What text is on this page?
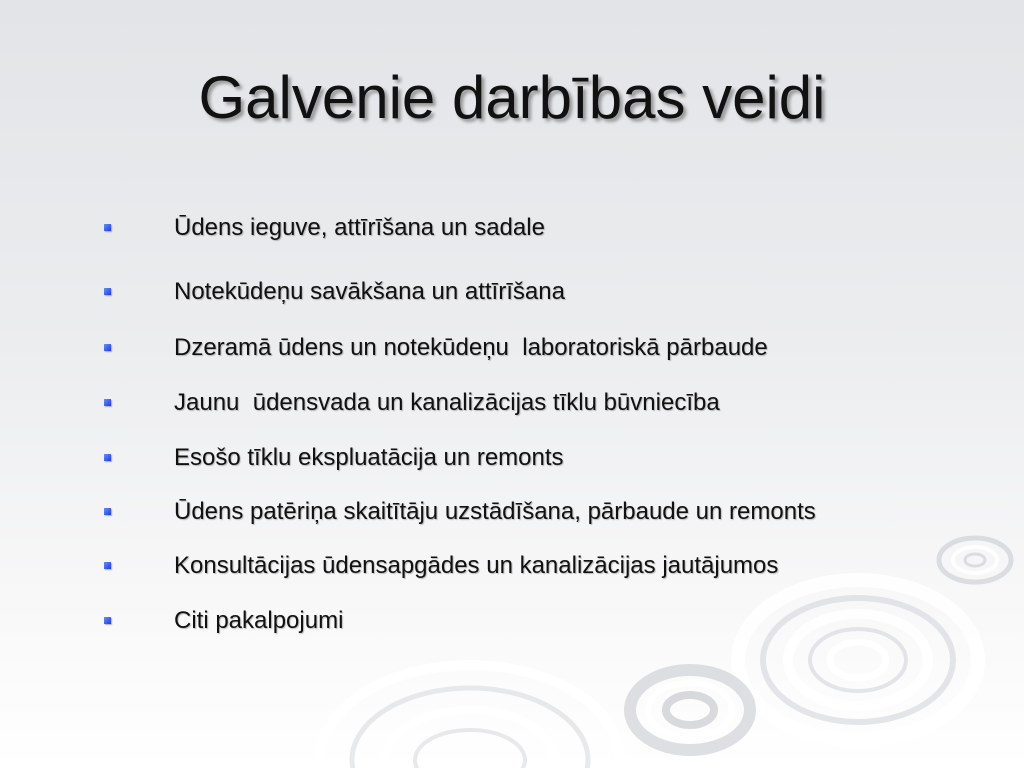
Galvenie darbības veidi
Ūdens ieguve, attīrīšana un sadale
Notekūdeņu savākšana un attīrīšana
Dzeramā ūdens un notekūdeņu  laboratoriskā pārbaude
Jaunu  ūdensvada un kanalizācijas tīklu būvniecība
Esošo tīklu ekspluatācija un remonts
Ūdens patēriņa skaitītāju uzstādīšana, pārbaude un remonts
Konsultācijas ūdensapgādes un kanalizācijas jautājumos
Citi pakalpojumi
